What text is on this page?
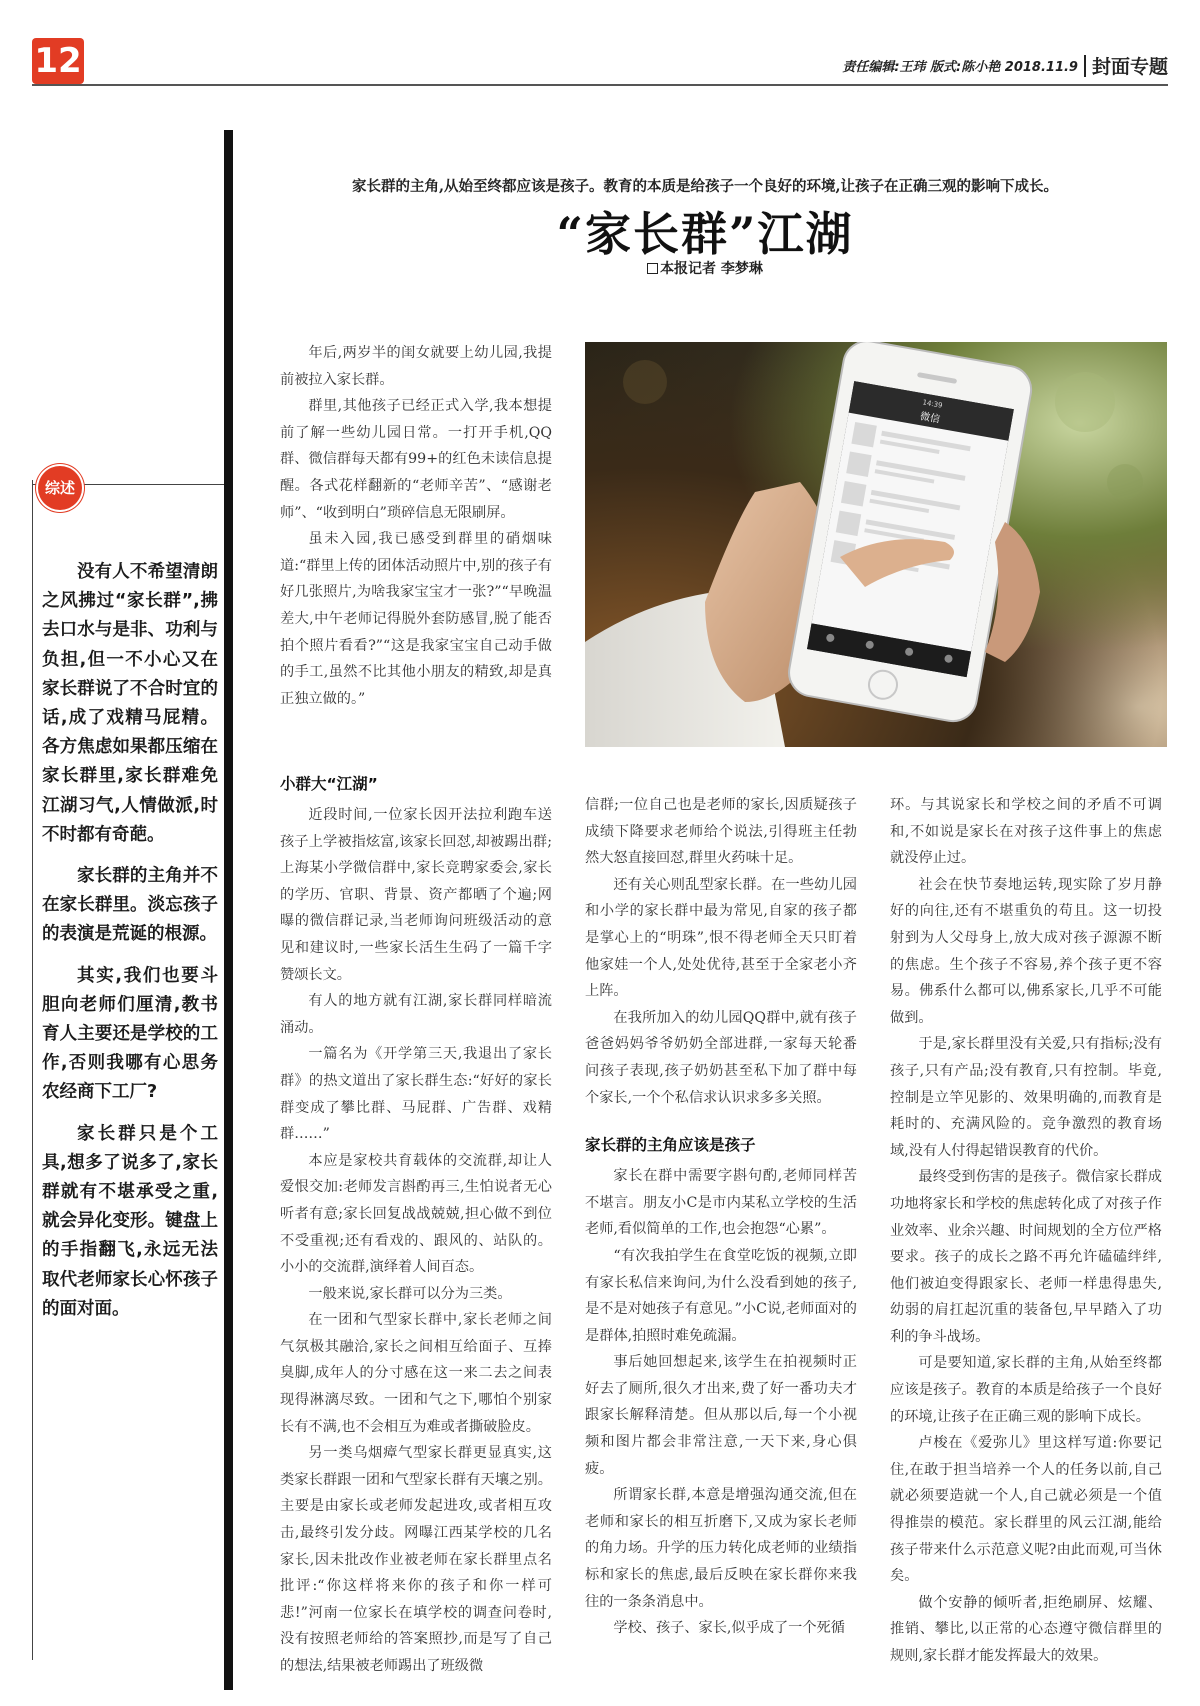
12	责任编辑:王玮 版式:陈小艳 2018.11.9 封面专题
家长群的主角,从始至终都应该是孩子。教育的本质是给孩子一个良好的环境,让孩子在正确三观的影响下成长。
“家长群”江湖
本报记者 李梦琳
综述

没有人不希望清朗之风拂过“家长群”,拂去口水与是非、功利与负担,但一不小心又在家长群说了不合时宜的话,成了戏精马屁精。各方焦虑如果都压缩在家长群里,家长群难免江湖习气,人情做派,时不时都有奇葩。

家长群的主角并不在家长群里。淡忘孩子的表演是荒诞的根源。

其实,我们也要斗胆向老师们厘清,教书育人主要还是学校的工作,否则我哪有心思务农经商下工厂?

家长群只是个工具,想多了说多了,家长群就有不堪承受之重,就会异化变形。键盘上的手指翻飞,永远无法取代老师家长心怀孩子的面对面。

年后,两岁半的闺女就要上幼儿园,我提前被拉入家长群。

群里,其他孩子已经正式入学,我本想提前了解一些幼儿园日常。一打开手机,QQ群、微信群每天都有99+的红色未读信息提醒。各式花样翻新的“老师辛苦”、“感谢老师”、“收到明白”琐碎信息无限刷屏。

虽未入园,我已感受到群里的硝烟味道:“群里上传的团体活动照片中,别的孩子有好几张照片,为啥我家宝宝才一张?”“早晚温差大,中午老师记得脱外套防感冒,脱了能否拍个照片看看?”“这是我家宝宝自己动手做的手工,虽然不比其他小朋友的精致,却是真正独立做的。”

14:39
微信
小群大“江湖”

近段时间,一位家长因开法拉利跑车送孩子上学被指炫富,该家长回怼,却被踢出群;上海某小学微信群中,家长竞聘家委会,家长的学历、官职、背景、资产都晒了个遍;网曝的微信群记录,当老师询问班级活动的意见和建议时,一些家长活生生码了一篇千字赞颂长文。

有人的地方就有江湖,家长群同样暗流涌动。

一篇名为《开学第三天,我退出了家长群》的热文道出了家长群生态:“好好的家长群变成了攀比群、马屁群、广告群、戏精群……”

本应是家校共育载体的交流群,却让人爱恨交加:老师发言斟酌再三,生怕说者无心听者有意;家长回复战战兢兢,担心做不到位不受重视;还有看戏的、跟风的、站队的。小小的交流群,演绎着人间百态。

一般来说,家长群可以分为三类。

在一团和气型家长群中,家长老师之间气氛极其融洽,家长之间相互给面子、互捧臭脚,成年人的分寸感在这一来二去之间表现得淋漓尽致。一团和气之下,哪怕个别家长有不满,也不会相互为难或者撕破脸皮。

另一类乌烟瘴气型家长群更显真实,这类家长群跟一团和气型家长群有天壤之别。主要是由家长或老师发起进攻,或者相互攻击,最终引发分歧。网曝江西某学校的几名家长,因未批改作业被老师在家长群里点名批评:“你这样将来你的孩子和你一样可悲!”河南一位家长在填学校的调查问卷时,没有按照老师给的答案照抄,而是写了自己的想法,结果被老师踢出了班级微

信群;一位自己也是老师的家长,因质疑孩子成绩下降要求老师给个说法,引得班主任勃然大怒直接回怼,群里火药味十足。

还有关心则乱型家长群。在一些幼儿园和小学的家长群中最为常见,自家的孩子都是掌心上的“明珠”,恨不得老师全天只盯着他家娃一个人,处处优待,甚至于全家老小齐上阵。

在我所加入的幼儿园QQ群中,就有孩子爸爸妈妈爷爷奶奶全部进群,一家每天轮番问孩子表现,孩子奶奶甚至私下加了群中每个家长,一个个私信求认识求多多关照。

家长群的主角应该是孩子

家长在群中需要字斟句酌,老师同样苦不堪言。朋友小C是市内某私立学校的生活老师,看似简单的工作,也会抱怨“心累”。

“有次我拍学生在食堂吃饭的视频,立即有家长私信来询问,为什么没看到她的孩子,是不是对她孩子有意见。”小C说,老师面对的是群体,拍照时难免疏漏。

事后她回想起来,该学生在拍视频时正好去了厕所,很久才出来,费了好一番功夫才跟家长解释清楚。但从那以后,每一个小视频和图片都会非常注意,一天下来,身心俱疲。

所谓家长群,本意是增强沟通交流,但在老师和家长的相互折磨下,又成为家长老师的角力场。升学的压力转化成老师的业绩指标和家长的焦虑,最后反映在家长群你来我往的一条条消息中。

学校、孩子、家长,似乎成了一个死循

环。与其说家长和学校之间的矛盾不可调和,不如说是家长在对孩子这件事上的焦虑就没停止过。

社会在快节奏地运转,现实除了岁月静好的向往,还有不堪重负的苟且。这一切投射到为人父母身上,放大成对孩子源源不断的焦虑。生个孩子不容易,养个孩子更不容易。佛系什么都可以,佛系家长,几乎不可能做到。

于是,家长群里没有关爱,只有指标;没有孩子,只有产品;没有教育,只有控制。毕竟,控制是立竿见影的、效果明确的,而教育是耗时的、充满风险的。竞争激烈的教育场域,没有人付得起错误教育的代价。

最终受到伤害的是孩子。微信家长群成功地将家长和学校的焦虑转化成了对孩子作业效率、业余兴趣、时间规划的全方位严格要求。孩子的成长之路不再允许磕磕绊绊,他们被迫变得跟家长、老师一样患得患失,幼弱的肩扛起沉重的装备包,早早踏入了功利的争斗战场。

可是要知道,家长群的主角,从始至终都应该是孩子。教育的本质是给孩子一个良好的环境,让孩子在正确三观的影响下成长。

卢梭在《爱弥儿》里这样写道:你要记住,在敢于担当培养一个人的任务以前,自己就必须要造就一个人,自己就必须是一个值得推崇的模范。家长群里的风云江湖,能给孩子带来什么示范意义呢?由此而观,可当休矣。

做个安静的倾听者,拒绝刷屏、炫耀、推销、攀比,以正常的心态遵守微信群里的规则,家长群才能发挥最大的效果。
